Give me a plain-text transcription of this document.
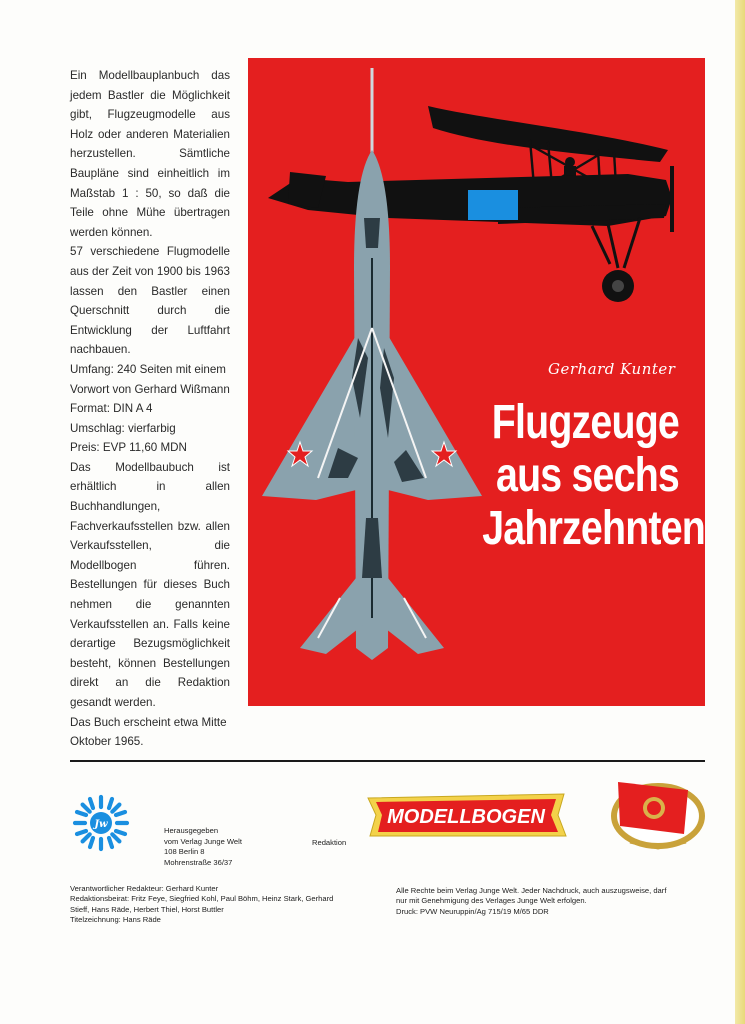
Ein Modellbauplanbuch das jedem Bastler die Möglichkeit gibt, Flugzeugmodelle aus Holz oder anderen Materialien herzustellen. Sämtliche Baupläne sind einheitlich im Maßstab 1 : 50, so daß die Teile ohne Mühe übertragen werden können.

57 verschiedene Flugmodelle aus der Zeit von 1900 bis 1963 lassen den Bastler einen Querschnitt durch die Entwicklung der Luftfahrt nachbauen.

Umfang: 240 Seiten mit einem Vorwort von Gerhard Wißmann

Format: DIN A 4

Umschlag: vierfarbig

Preis: EVP 11,60 MDN

Das Modellbaubuch ist erhältlich in allen Buchhandlungen, Fachverkaufsstellen bzw. allen Verkaufsstellen, die Modellbogen führen. Bestellungen für dieses Buch nehmen die genannten Verkaufsstellen an. Falls keine derartige Bezugsmöglichkeit besteht, können Bestellungen direkt an die Redaktion gesandt werden.

Das Buch erscheint etwa Mitte Oktober 1965.

Gerhard Kunter
Flugzeuge
aus sechs
Jahrzehnten
Jw
Herausgegeben
vom Verlag Junge Welt
108 Berlin 8
Mohrenstraße 36/37
Redaktion
MODELLBOGEN
Verantwortlicher Redakteur: Gerhard Kunter
Redaktionsbeirat: Fritz Feye, Siegfried Kohl, Paul Böhm, Heinz Stark, Gerhard
Stieff, Hans Räde, Herbert Thiel, Horst Buttler
Titelzeichnung: Hans Räde
Alle Rechte beim Verlag Junge Welt. Jeder Nachdruck, auch auszugsweise, darf
nur mit Genehmigung des Verlages Junge Welt erfolgen.
Druck: PVW Neuruppin/Ag 715/19 M/65 DDR
